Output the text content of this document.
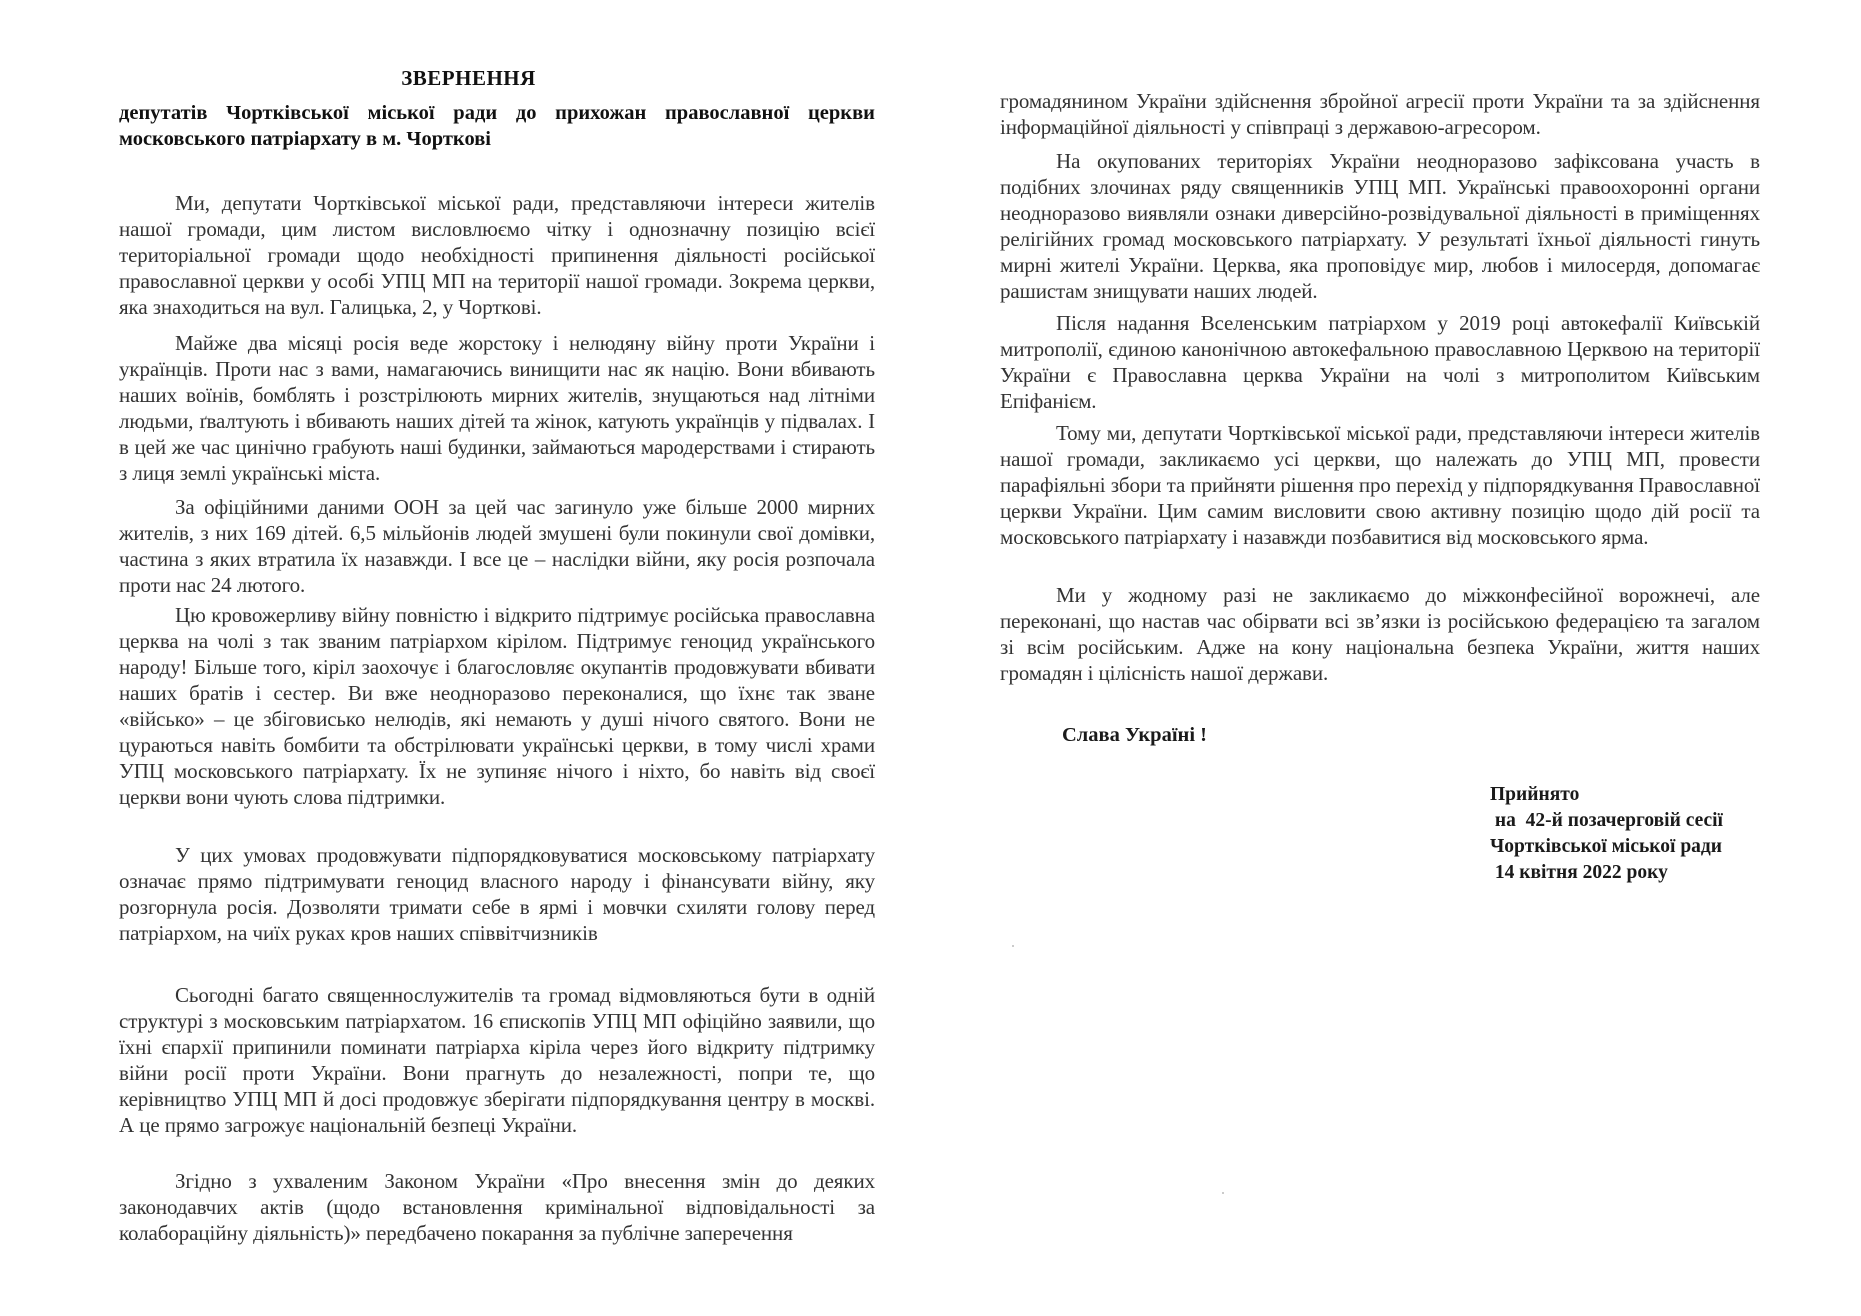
ЗВЕРНЕННЯ
депутатів Чортківської міської ради до прихожан православної церкви московського патріархату в м. Чорткові

Ми, депутати Чортківської міської ради, представляючи інтереси жителів нашої громади, цим листом висловлюємо чітку і однозначну позицію всієї територіальної громади щодо необхідності припинення діяльності російської православної церкви у особі УПЦ МП на території нашої громади. Зокрема церкви, яка знаходиться на вул. Галицька, 2, у Чорткові.

Майже два місяці росія веде жорстоку і нелюдяну війну проти України і українців. Проти нас з вами, намагаючись винищити нас як націю. Вони вбивають наших воїнів, бомблять і розстрілюють мирних жителів, знущаються над літніми людьми, ґвалтують і вбивають наших дітей та жінок, катують українців у підвалах. І в цей же час цинічно грабують наші будинки, займаються мародерствами і стирають з лиця землі українські міста.

За офіційними даними ООН за цей час загинуло уже більше 2000 мирних жителів, з них 169 дітей. 6,5 мільйонів людей змушені були покинули свої домівки, частина з яких втратила їх назавжди. І все це – наслідки війни, яку росія розпочала проти нас 24 лютого.

Цю кровожерливу війну повністю і відкрито підтримує російська православна церква на чолі з так званим патріархом кірілом. Підтримує геноцид українського народу! Більше того, кіріл заохочує і благословляє окупантів продовжувати вбивати наших братів і сестер. Ви вже неодноразово переконалися, що їхнє так зване «військо» – це збіговисько нелюдів, які немають у душі нічого святого. Вони не цураються навіть бомбити та обстрілювати українські церкви, в тому числі храми УПЦ московського патріархату. Їх не зупиняє нічого і ніхто, бо навіть від своєї церкви вони чують слова підтримки.

У цих умовах продовжувати підпорядковуватися московському патріархату означає прямо підтримувати геноцид власного народу і фінансувати війну, яку розгорнула росія. Дозволяти тримати себе в ярмі і мовчки схиляти голову перед патріархом, на чиїх руках кров наших співвітчизників

Сьогодні багато священнослужителів та громад відмовляються бути в одній структурі з московським патріархатом. 16 єпископів УПЦ МП офіційно заявили, що їхні єпархії припинили поминати патріарха кіріла через його відкриту підтримку війни росії проти України. Вони прагнуть до незалежності, попри те, що керівництво УПЦ МП й досі продовжує зберігати підпорядкування центру в москві. А це прямо загрожує національній безпеці України.

Згідно з ухваленим Законом України «Про внесення змін до деяких законодавчих актів (щодо встановлення кримінальної відповідальності за колабораційну діяльність)» передбачено покарання за публічне заперечення

громадянином України здійснення збройної агресії проти України та за здійснення інформаційної діяльності у співпраці з державою-агресором.

На окупованих територіях України неодноразово зафіксована участь в подібних злочинах ряду священників УПЦ МП. Українські правоохоронні органи неодноразово виявляли ознаки диверсійно-розвідувальної діяльності в приміщеннях релігійних громад московського патріархату. У результаті їхньої діяльності гинуть мирні жителі України. Церква, яка проповідує мир, любов і милосердя, допомагає рашистам знищувати наших людей.

Після надання Вселенським патріархом у 2019 році автокефалії Київській митрополії, єдиною канонічною автокефальною православною Церквою на території України є Православна церква України на чолі з митрополитом Київським Епіфанієм.

Тому ми, депутати Чортківської міської ради, представляючи інтереси жителів нашої громади, закликаємо усі церкви, що належать до УПЦ МП, провести парафіяльні збори та прийняти рішення про перехід у підпорядкування Православної церкви України. Цим самим висловити свою активну позицію щодо дій росії та московського патріархату і назавжди позбавитися від московського ярма.

Ми у жодному разі не закликаємо до міжконфесійної ворожнечі, але переконані, що настав час обірвати всі зв’язки із російською федерацією та загалом зі всім російським. Адже на кону національна безпека України, життя наших громадян і цілісність нашої держави.

Слава Україні !
Прийнято
на  42-й позачерговій сесії
Чортківської міської ради
14 квітня 2022 року
